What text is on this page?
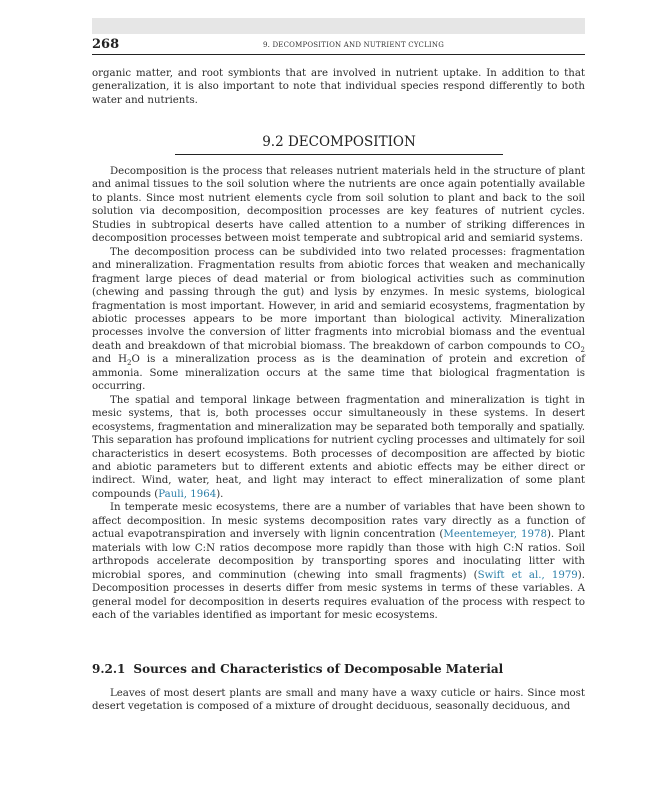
268	9. DECOMPOSITION AND NUTRIENT CYCLING

organic matter, and root symbionts that are involved in nutrient uptake. In addition to that generalization, it is also important to note that individual species respond differently to both water and nutrients.

9.2 DECOMPOSITION

Decomposition is the process that releases nutrient materials held in the structure of plant and animal tissues to the soil solution where the nutrients are once again potentially available to plants. Since most nutrient elements cycle from soil solution to plant and back to the soil solution via decomposition, decomposition processes are key features of nutrient cycles. Studies in subtropical deserts have called attention to a number of striking differences in decomposition processes between moist temperate and subtropical arid and semiarid systems.

The decomposition process can be subdivided into two related processes: fragmentation and mineralization. Fragmentation results from abiotic forces that weaken and mechanically fragment large pieces of dead material or from biological activities such as comminution (chewing and passing through the gut) and lysis by enzymes. In mesic systems, biological fragmentation is most important. However, in arid and semiarid ecosystems, fragmentation by abiotic processes appears to be more important than biological activity. Mineralization processes involve the conversion of litter fragments into microbial biomass and the eventual death and breakdown of that microbial biomass. The breakdown of carbon compounds to $CO_2$ and $H_2O$ is a mineralization process as is the deamination of protein and excretion of ammonia. Some mineralization occurs at the same time that biological fragmentation is occurring.

The spatial and temporal linkage between fragmentation and mineralization is tight in mesic systems, that is, both processes occur simultaneously in these systems. In desert ecosystems, fragmentation and mineralization may be separated both temporally and spatially. This separation has profound implications for nutrient cycling processes and ultimately for soil characteristics in desert ecosystems. Both processes of decomposition are affected by biotic and abiotic parameters but to different extents and abiotic effects may be either direct or indirect. Wind, water, heat, and light may interact to effect mineralization of some plant compounds (Pauli, 1964).

In temperate mesic ecosystems, there are a number of variables that have been shown to affect decomposition. In mesic systems decomposition rates vary directly as a function of actual evapotranspiration and inversely with lignin concentration (Meentemeyer, 1978). Plant materials with low C:N ratios decompose more rapidly than those with high C:N ratios. Soil arthropods accelerate decomposition by transporting spores and inoculating litter with microbial spores, and comminution (chewing into small fragments) (Swift et al., 1979). Decomposition processes in deserts differ from mesic systems in terms of these variables. A general model for decomposition in deserts requires evaluation of the process with respect to each of the variables identified as important for mesic ecosystems.

9.2.1 Sources and Characteristics of Decomposable Material

Leaves of most desert plants are small and many have a waxy cuticle or hairs. Since most desert vegetation is composed of a mixture of drought deciduous, seasonally deciduous, and
